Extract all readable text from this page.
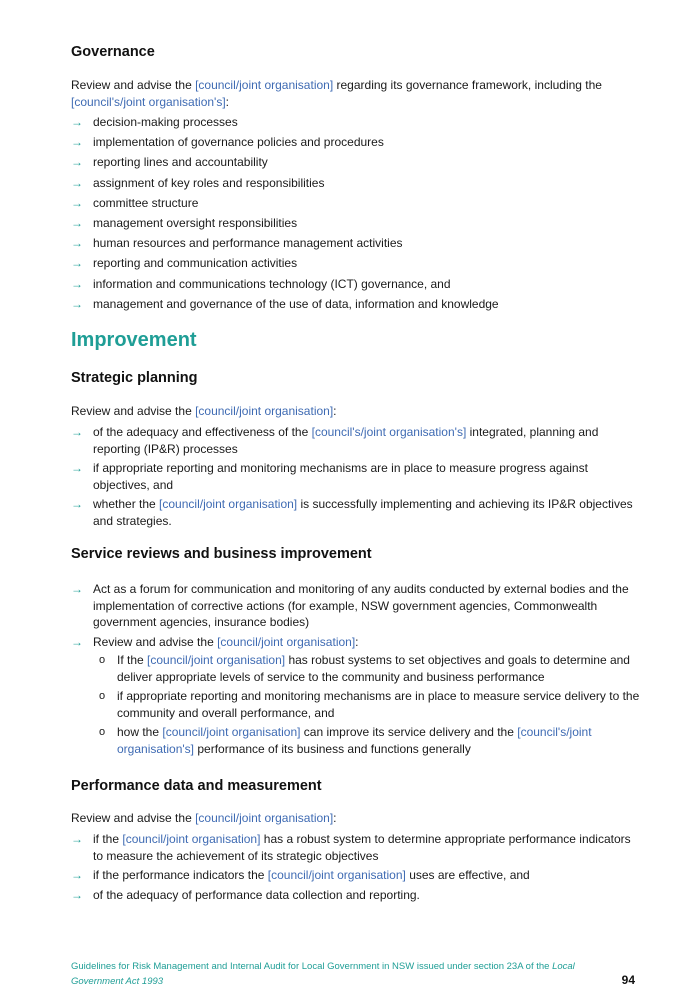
Governance

Review and advise the [council/joint organisation] regarding its governance framework, including the [council's/joint organisation's]:

→ decision-making processes
→ implementation of governance policies and procedures
→ reporting lines and accountability
→ assignment of key roles and responsibilities
→ committee structure
→ management oversight responsibilities
→ human resources and performance management activities
→ reporting and communication activities
→ information and communications technology (ICT) governance, and
→ management and governance of the use of data, information and knowledge
Improvement
Strategic planning

Review and advise the [council/joint organisation]:

→ of the adequacy and effectiveness of the [council's/joint organisation's] integrated, planning and reporting (IP&R) processes
→ if appropriate reporting and monitoring mechanisms are in place to measure progress against objectives, and
→ whether the [council/joint organisation] is successfully implementing and achieving its IP&R objectives and strategies.
Service reviews and business improvement
→ Act as a forum for communication and monitoring of any audits conducted by external bodies and the implementation of corrective actions (for example, NSW government agencies, Commonwealth government agencies, insurance bodies)
→ Review and advise the [council/joint organisation]:
o If the [council/joint organisation] has robust systems to set objectives and goals to determine and deliver appropriate levels of service to the community and business performance
o if appropriate reporting and monitoring mechanisms are in place to measure service delivery to the community and overall performance, and
o how the [council/joint organisation] can improve its service delivery and the [council's/joint organisation's] performance of its business and functions generally
Performance data and measurement

Review and advise the [council/joint organisation]:

→ if the [council/joint organisation] has a robust system to determine appropriate performance indicators to measure the achievement of its strategic objectives
→ if the performance indicators the [council/joint organisation] uses are effective, and
→ of the adequacy of performance data collection and reporting.
Guidelines for Risk Management and Internal Audit for Local Government in NSW issued under section 23A of the Local Government Act 1993	94
